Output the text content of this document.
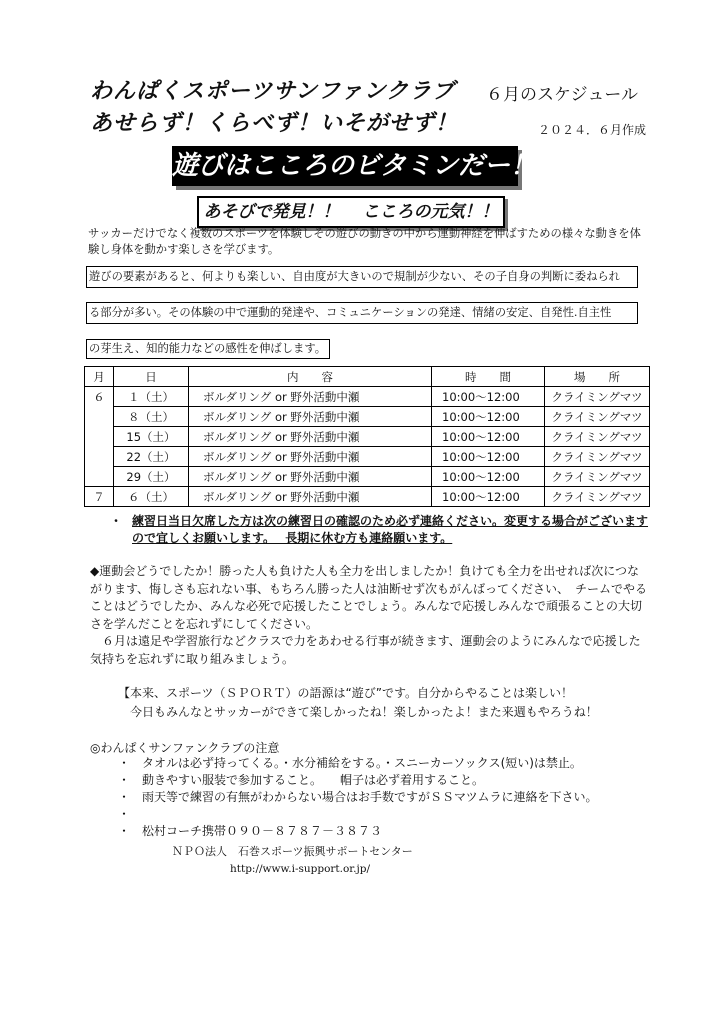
わんぱくスポーツサンファンクラブ ６月のスケジュール
あせらず！くらべず！いそがせず！	２０２４．６月作成
遊びはこころのビタミンだー！
あそびで発見！！　 こころの元気！！
サッカーだけでなく複数のスポーツを体験しその遊びの動きの中から運動神経を伸ばすための様々な動きを体験し身体を動かす楽しさを学びます。
遊びの要素があると、何よりも楽しい、自由度が大きいので規制が少ない、その子自身の判断に委ねられ
る部分が多い。その体験の中で運動的発達や、コミュニケーションの発達、情緒の安定、自発性.自主性
の芽生え、知的能力などの感性を伸ばします。
月	日	内　　容	時　　間	場　　所
６	１（土）	ボルダリング or 野外活動中瀬	10:00～12:00	クライミングマツ
	８（土）	ボルダリング or 野外活動中瀬	10:00～12:00	クライミングマツ
	15（土）	ボルダリング or 野外活動中瀬	10:00～12:00	クライミングマツ
	22（土）	ボルダリング or 野外活動中瀬	10:00～12:00	クライミングマツ
	29（土）	ボルダリング or 野外活動中瀬	10:00～12:00	クライミングマツ
７	６（土）	ボルダリング or 野外活動中瀬	10:00～12:00	クライミングマツ
・ 練習日当日欠席した方は次の練習日の確認のため必ず連絡ください。変更する場合がございますので宜しくお願いします。　 長期に休む方も連絡願います。

◆運動会どうでしたか！勝った人も負けた人も全力を出しましたか！負けても全力を出せれば次につながります、悔しさも忘れない事、もちろん勝った人は油断せず次もがんばってください、　チームでやることはどうでしたか、みんな必死で応援したことでしょう。みんなで応援しみんなで頑張ることの大切さを学んだことを忘れずにしてください。

　６月は遠足や学習旅行などクラスで力をあわせる行事が続きます、運動会のようにみんなで応援した気持ちを忘れずに取り組みましょう。

【本来、スポーツ（ＳＰＯＲＴ）の語源は“遊び”です。自分からやることは楽しい！

　今日もみんなとサッカーができて楽しかったね！楽しかったよ！また来週もやろうね！

◎わんぱくサンファンクラブの注意
・ タオルは必ず持ってくる。・水分補給をする。・スニーカーソックス(短い)は禁止。
・ 動きやすい服装で参加すること。　　帽子は必ず着用すること。
・ 雨天等で練習の有無がわからない場合はお手数ですがＳＳマツムラに連絡を下さい。
・
・ 松村コーチ携帯０９０－８７８７－３８７３
ＮＰＯ法人　石巻スポーツ振興サポートセンター
http://www.i-support.or.jp/
